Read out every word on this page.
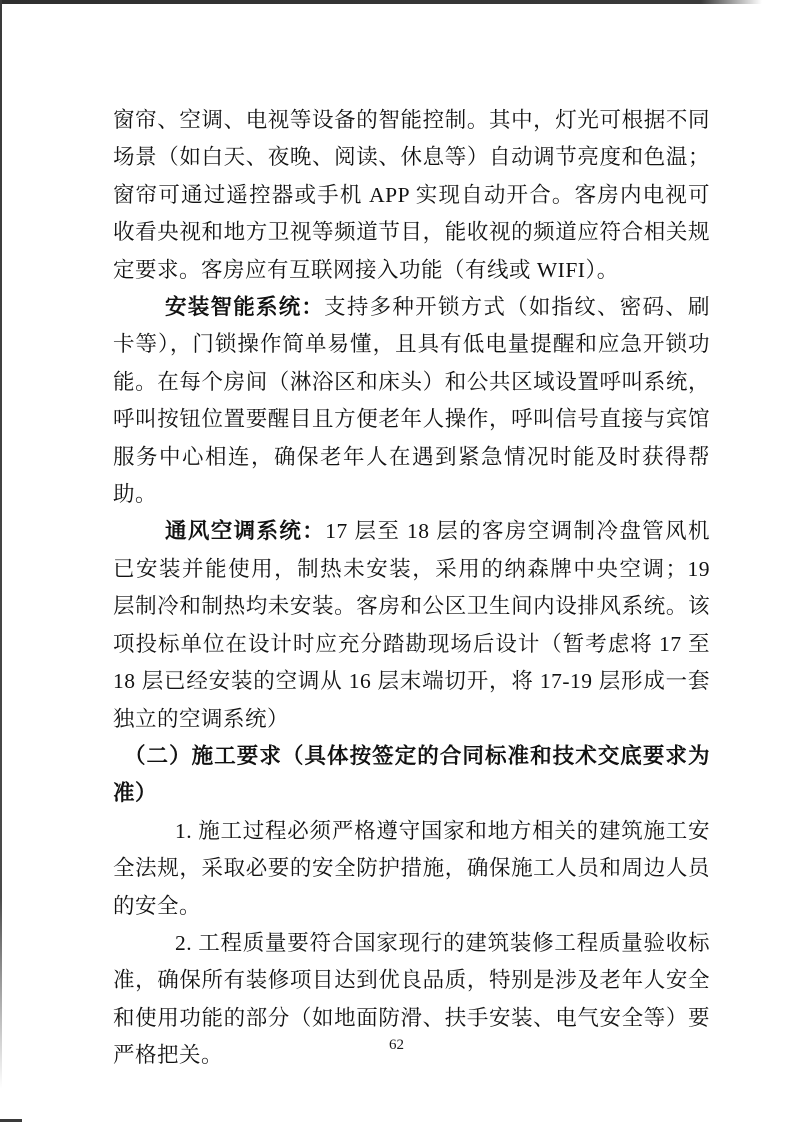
窗帘、空调、电视等设备的智能控制。其中，灯光可根据不同场景（如白天、夜晚、阅读、休息等）自动调节亮度和色温；窗帘可通过遥控器或手机 APP 实现自动开合。客房内电视可收看央视和地方卫视等频道节目，能收视的频道应符合相关规定要求。客房应有互联网接入功能（有线或 WIFI）。

安装智能系统：支持多种开锁方式（如指纹、密码、刷卡等），门锁操作简单易懂，且具有低电量提醒和应急开锁功能。在每个房间（淋浴区和床头）和公共区域设置呼叫系统，呼叫按钮位置要醒目且方便老年人操作，呼叫信号直接与宾馆服务中心相连，确保老年人在遇到紧急情况时能及时获得帮助。

通风空调系统：17 层至 18 层的客房空调制冷盘管风机已安装并能使用，制热未安装，采用的纳森牌中央空调；19 层制冷和制热均未安装。客房和公区卫生间内设排风系统。该项投标单位在设计时应充分踏勘现场后设计（暂考虑将 17 至 18 层已经安装的空调从 16 层末端切开，将 17-19 层形成一套独立的空调系统）

（二）施工要求（具体按签定的合同标准和技术交底要求为准）

1. 施工过程必须严格遵守国家和地方相关的建筑施工安全法规，采取必要的安全防护措施，确保施工人员和周边人员的安全。

2. 工程质量要符合国家现行的建筑装修工程质量验收标准，确保所有装修项目达到优良品质，特别是涉及老年人安全和使用功能的部分（如地面防滑、扶手安装、电气安全等）要严格把关。	62
